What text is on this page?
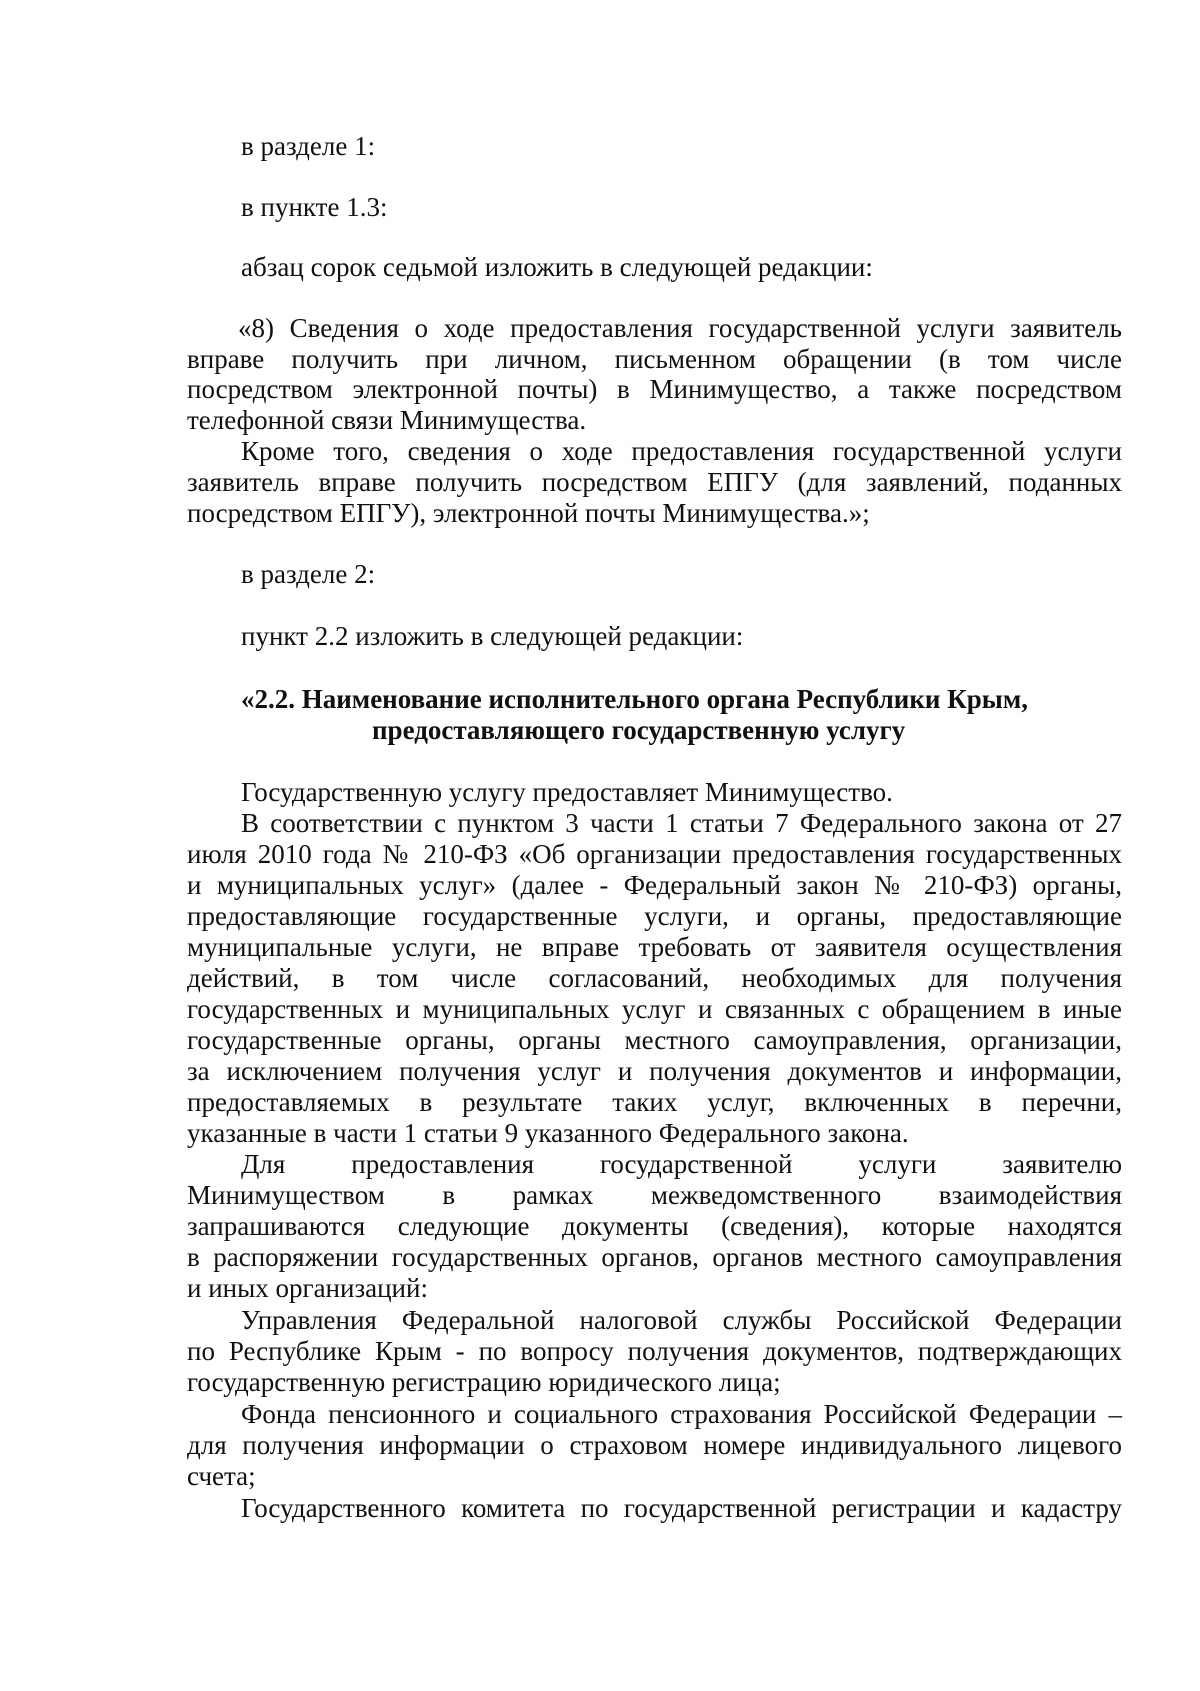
в разделе 1:
в пункте 1.3:
абзац сорок седьмой изложить в следующей редакции:
«8) Сведения о ходе предоставления государственной услуги заявитель
вправе получить при личном, письменном обращении (в том числе
посредством электронной почты) в Минимущество, а также посредством
телефонной связи Минимущества.
Кроме того, сведения о ходе предоставления государственной услуги
заявитель вправе получить посредством ЕПГУ (для заявлений, поданных
посредством ЕПГУ), электронной почты Минимущества.»;
в разделе 2:
пункт 2.2 изложить в следующей редакции:
«2.2. Наименование исполнительного органа Республики Крым,
предоставляющего государственную услугу
Государственную услугу предоставляет Минимущество.
В соответствии с пунктом 3 части 1 статьи 7 Федерального закона от 27
июля 2010 года № 210-ФЗ «Об организации предоставления государственных
и муниципальных услуг» (далее - Федеральный закон № 210-ФЗ) органы,
предоставляющие государственные услуги, и органы, предоставляющие
муниципальные услуги, не вправе требовать от заявителя осуществления
действий, в том числе согласований, необходимых для получения
государственных и муниципальных услуг и связанных с обращением в иные
государственные органы, органы местного самоуправления, организации,
за исключением получения услуг и получения документов и информации,
предоставляемых в результате таких услуг, включенных в перечни,
указанные в части 1 статьи 9 указанного Федерального закона.
Для предоставления государственной услуги заявителю
Минимуществом в рамках межведомственного взаимодействия
запрашиваются следующие документы (сведения), которые находятся
в распоряжении государственных органов, органов местного самоуправления
и иных организаций:
Управления Федеральной налоговой службы Российской Федерации
по Республике Крым - по вопросу получения документов, подтверждающих
государственную регистрацию юридического лица;
Фонда пенсионного и социального страхования Российской Федерации –
для получения информации о страховом номере индивидуального лицевого
счета;
Государственного комитета по государственной регистрации и кадастру
